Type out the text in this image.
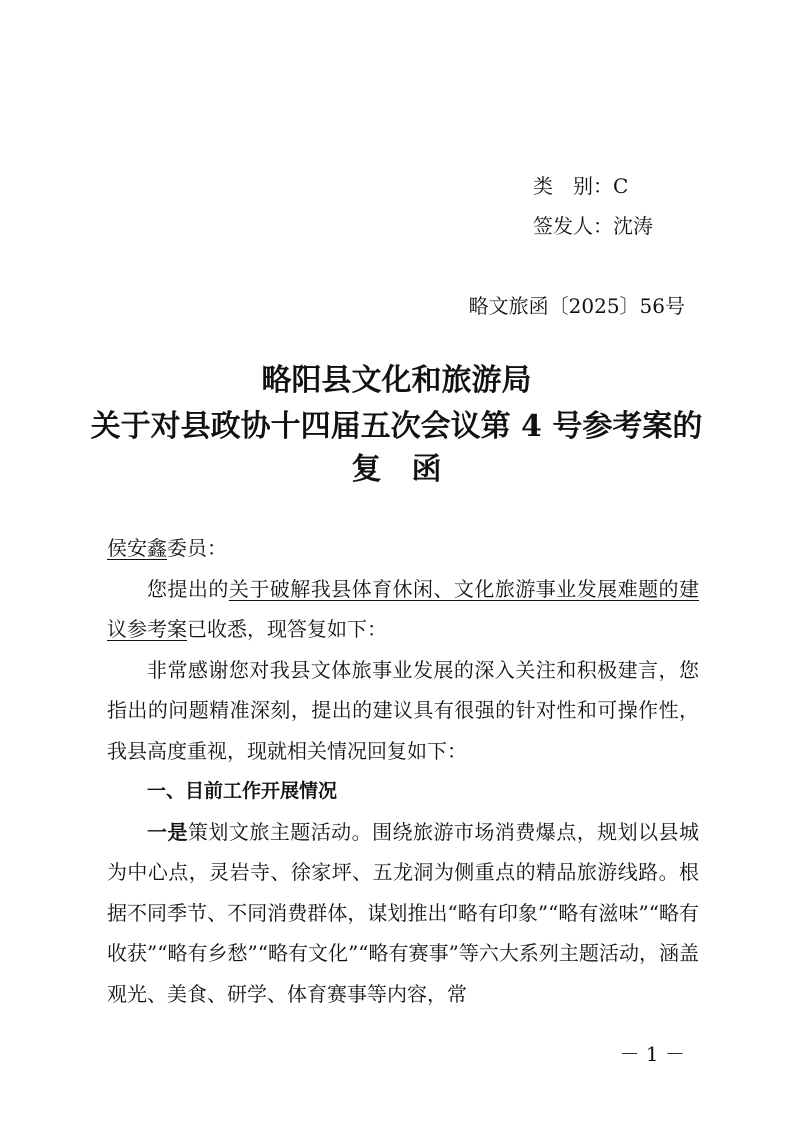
类　别：C
签发人：沈涛
略文旅函〔2025〕56号
略阳县文化和旅游局
关于对县政协十四届五次会议第 4 号参考案的
复函

侯安鑫委员：

您提出的关于破解我县体育休闲、文化旅游事业发展难题的建议参考案已收悉，现答复如下：

非常感谢您对我县文体旅事业发展的深入关注和积极建言，您指出的问题精准深刻，提出的建议具有很强的针对性和可操作性，我县高度重视，现就相关情况回复如下：

一、目前工作开展情况

一是策划文旅主题活动。围绕旅游市场消费爆点，规划以县城为中心点，灵岩寺、徐家坪、五龙洞为侧重点的精品旅游线路。根据不同季节、不同消费群体，谋划推出“略有印象”“略有滋味”“略有收获”“略有乡愁”“略有文化”“略有赛事”等六大系列主题活动，涵盖观光、美食、研学、体育赛事等内容，常

－ 1 －
